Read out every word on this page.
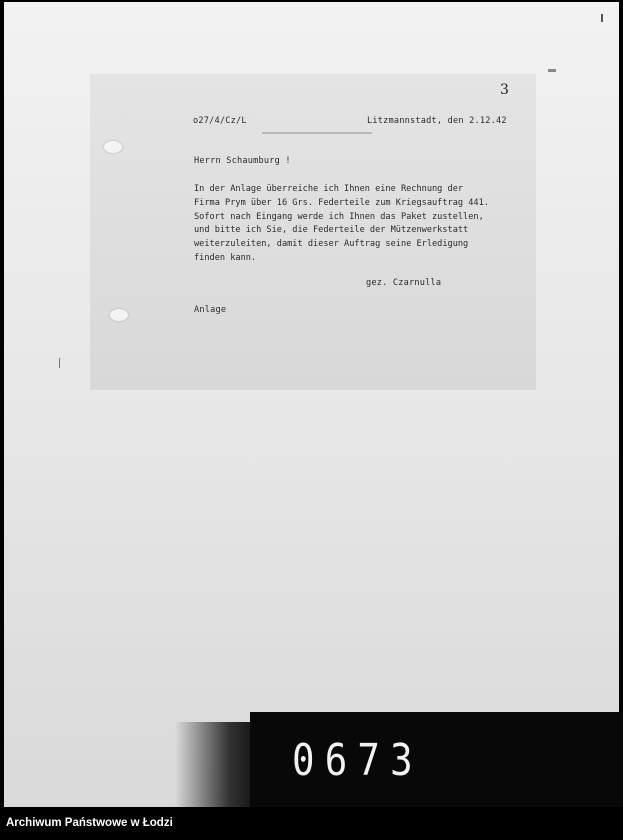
o27/4/Cz/L	Litzmannstadt, den 2.12.42
Herrn Schaumburg !
In der Anlage überreiche ich Ihnen eine Rechnung der
Firma Prym über 16 Grs. Federteile zum Kriegsauftrag 441.
Sofort nach Eingang werde ich Ihnen das Paket zustellen,
und bitte ich Sie, die Federteile der Mützenwerkstatt
weiterzuleiten, damit dieser Auftrag seine Erledigung
finden kann.
gez. Czarnulla
Anlage
3
0673
Archiwum Państwowe w Łodzi
